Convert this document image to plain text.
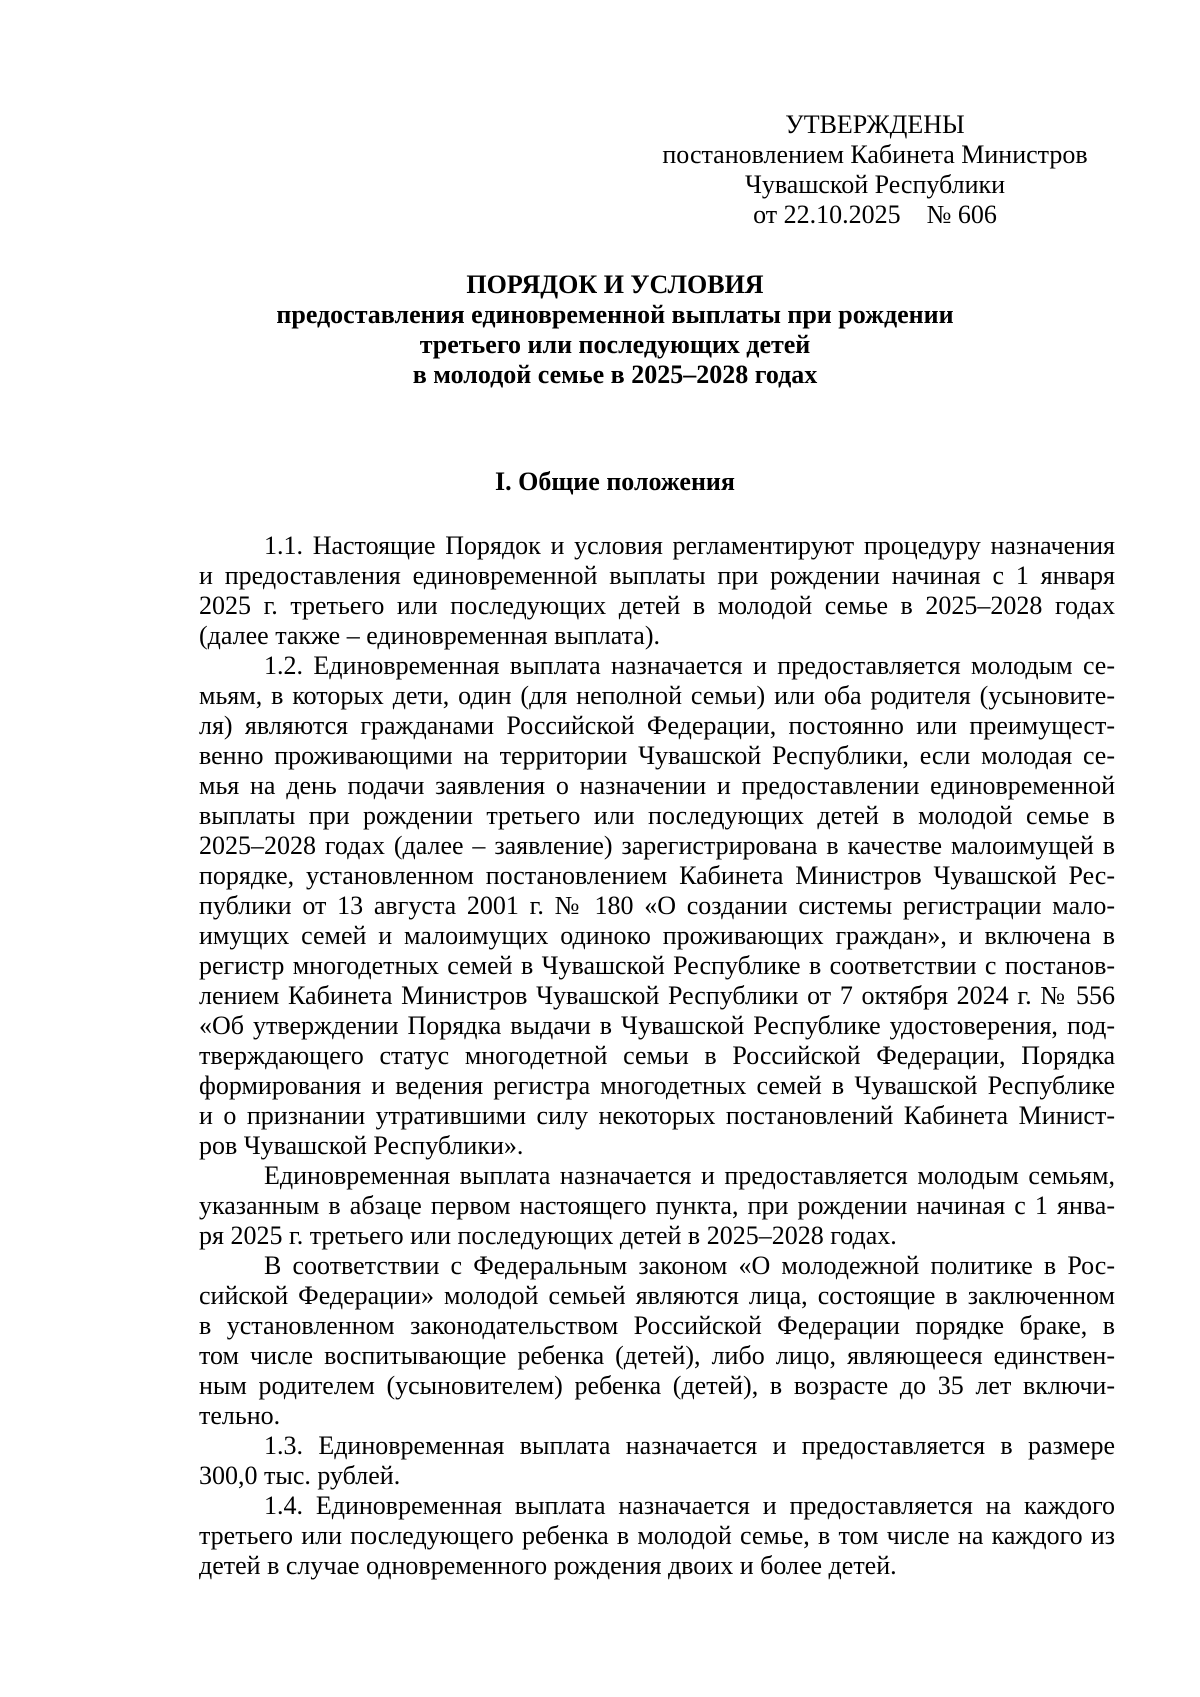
УТВЕРЖДЕНЫ
постановлением Кабинета Министров
Чувашской Республики
от 22.10.2025    № 606
ПОРЯДОК И УСЛОВИЯ
предоставления единовременной выплаты при рождении
третьего или последующих детей
в молодой семье в 2025–2028 годах
I. Общие положения
1.1. Настоящие Порядок и условия регламентируют процедуру назначения
и предоставления единовременной выплаты при рождении начиная с 1 января
2025 г. третьего или последующих детей в молодой семье в 2025–2028 годах
(далее также – единовременная выплата).
1.2. Единовременная выплата назначается и предоставляется молодым се-
мьям, в которых дети, один (для неполной семьи) или оба родителя (усыновите-
ля) являются гражданами Российской Федерации, постоянно или преимущест-
венно проживающими на территории Чувашской Республики, если молодая се-
мья на день подачи заявления о назначении и предоставлении единовременной
выплаты при рождении третьего или последующих детей в молодой семье в
2025–2028 годах (далее – заявление) зарегистрирована в качестве малоимущей в
порядке, установленном постановлением Кабинета Министров Чувашской Рес-
публики от 13 августа 2001 г. № 180 «О создании системы регистрации мало-
имущих семей и малоимущих одиноко проживающих граждан», и включена в
регистр многодетных семей в Чувашской Республике в соответствии с постанов-
лением Кабинета Министров Чувашской Республики от 7 октября 2024 г. № 556
«Об утверждении Порядка выдачи в Чувашской Республике удостоверения, под-
тверждающего статус многодетной семьи в Российской Федерации, Порядка
формирования и ведения регистра многодетных семей в Чувашской Республике
и о признании утратившими силу некоторых постановлений Кабинета Минист-
ров Чувашской Республики».
Единовременная выплата назначается и предоставляется молодым семьям,
указанным в абзаце первом настоящего пункта, при рождении начиная с 1 янва-
ря 2025 г. третьего или последующих детей в 2025–2028 годах.
В соответствии с Федеральным законом «О молодежной политике в Рос-
сийской Федерации» молодой семьей являются лица, состоящие в заключенном
в установленном законодательством Российской Федерации порядке браке, в
том числе воспитывающие ребенка (детей), либо лицо, являющееся единствен-
ным родителем (усыновителем) ребенка (детей), в возрасте до 35 лет включи-
тельно.
1.3. Единовременная выплата назначается и предоставляется в размере
300,0 тыс. рублей.
1.4. Единовременная выплата назначается и предоставляется на каждого
третьего или последующего ребенка в молодой семье, в том числе на каждого из
детей в случае одновременного рождения двоих и более детей.
